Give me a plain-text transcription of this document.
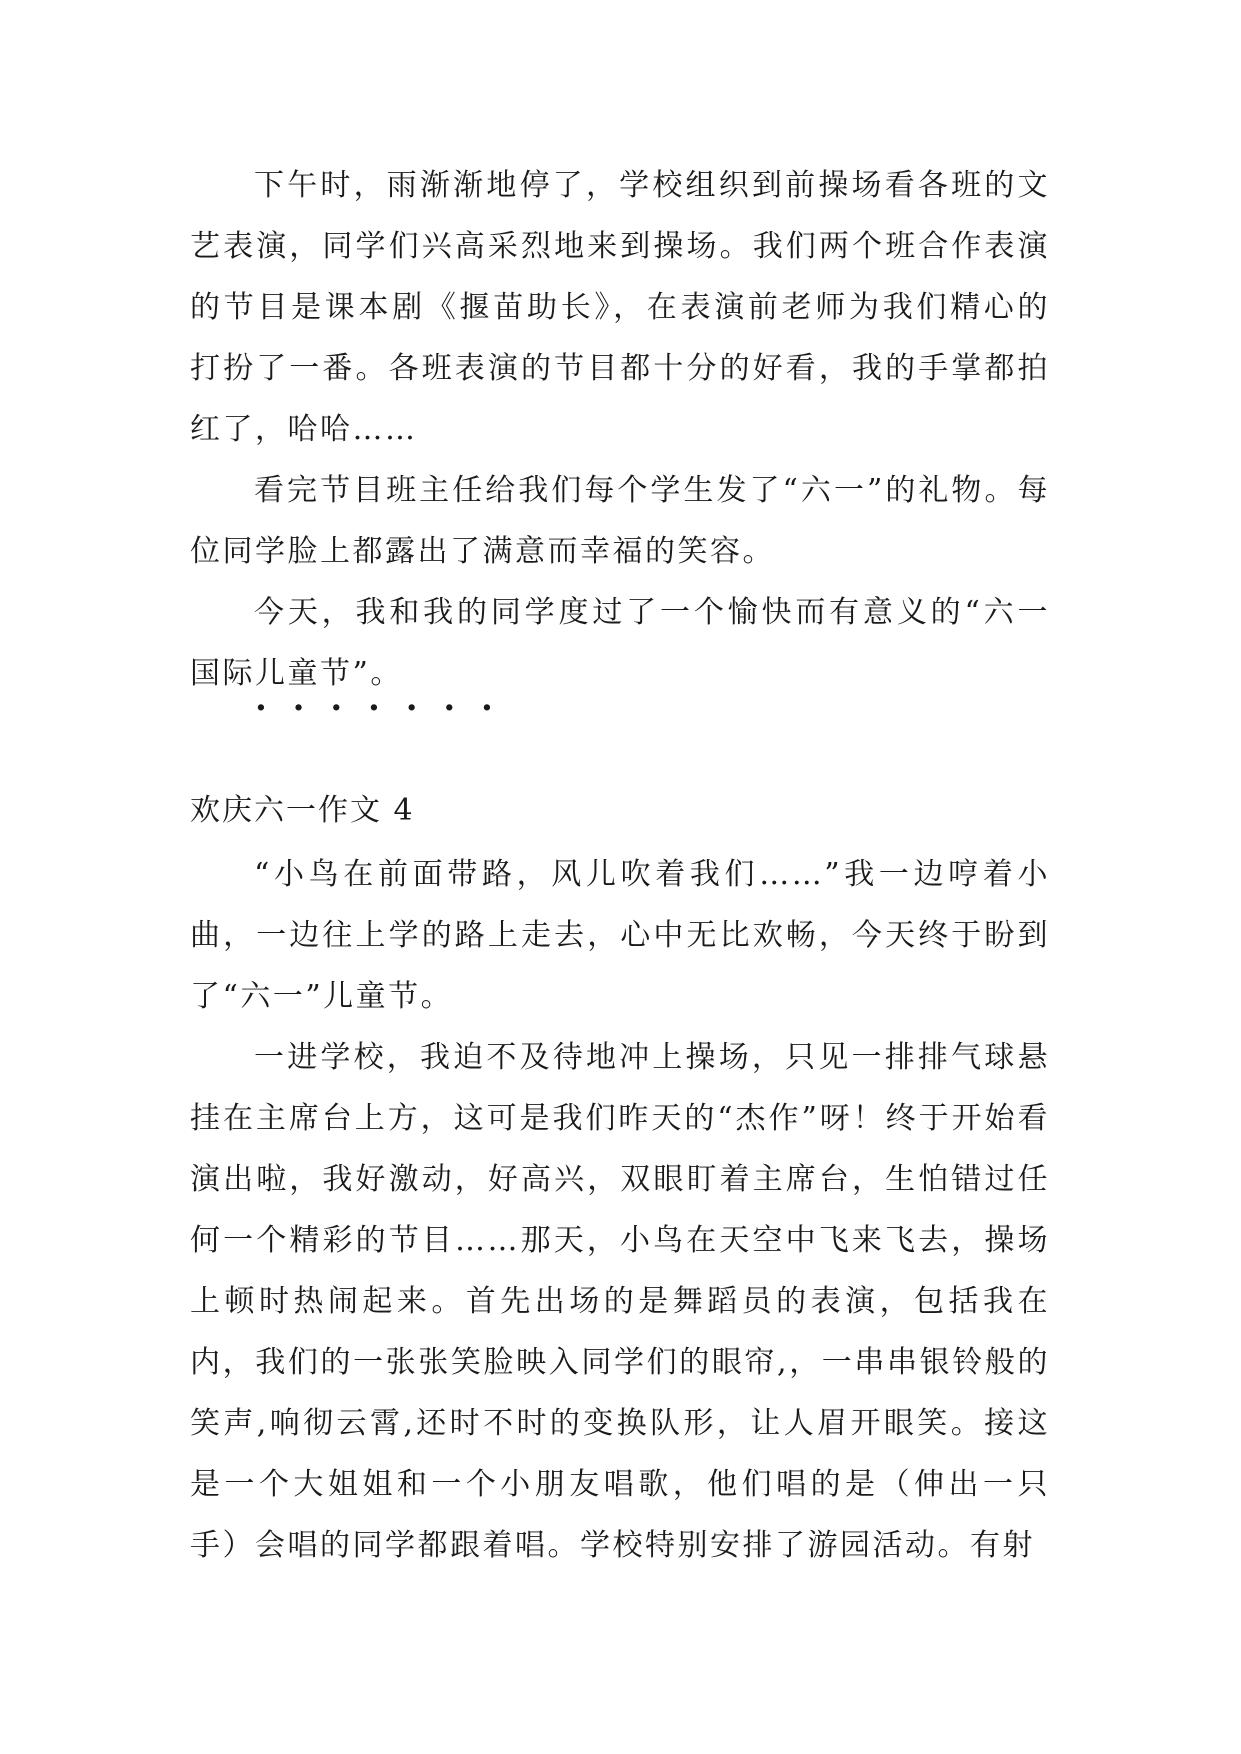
下午时，雨渐渐地停了，学校组织到前操场看各班的文艺表演，同学们兴高采烈地来到操场。我们两个班合作表演的节目是课本剧《揠苗助长》，在表演前老师为我们精心的打扮了一番。各班表演的节目都十分的好看，我的手掌都拍红了，哈哈……

看完节目班主任给我们每个学生发了“六一”的礼物。每位同学脸上都露出了满意而幸福的笑容。

今天，我和我的同学度过了一个愉快而有意义的“六一国际儿童节”。

· · · · · · ·
欢庆六一作文 4

“小鸟在前面带路，风儿吹着我们……”我一边哼着小曲，一边往上学的路上走去，心中无比欢畅，今天终于盼到了“六一”儿童节。

一进学校，我迫不及待地冲上操场，只见一排排气球悬挂在主席台上方，这可是我们昨天的“杰作”呀！终于开始看演出啦，我好激动，好高兴，双眼盯着主席台，生怕错过任何一个精彩的节目……那天，小鸟在天空中飞来飞去，操场上顿时热闹起来。首先出场的是舞蹈员的表演，包括我在内，我们的一张张笑脸映入同学们的眼帘,，一串串银铃般的笑声,响彻云霄,还时不时的变换队形，让人眉开眼笑。接这是一个大姐姐和一个小朋友唱歌，他们唱的是（伸出一只手）会唱的同学都跟着唱。学校特别安排了游园活动。有射
